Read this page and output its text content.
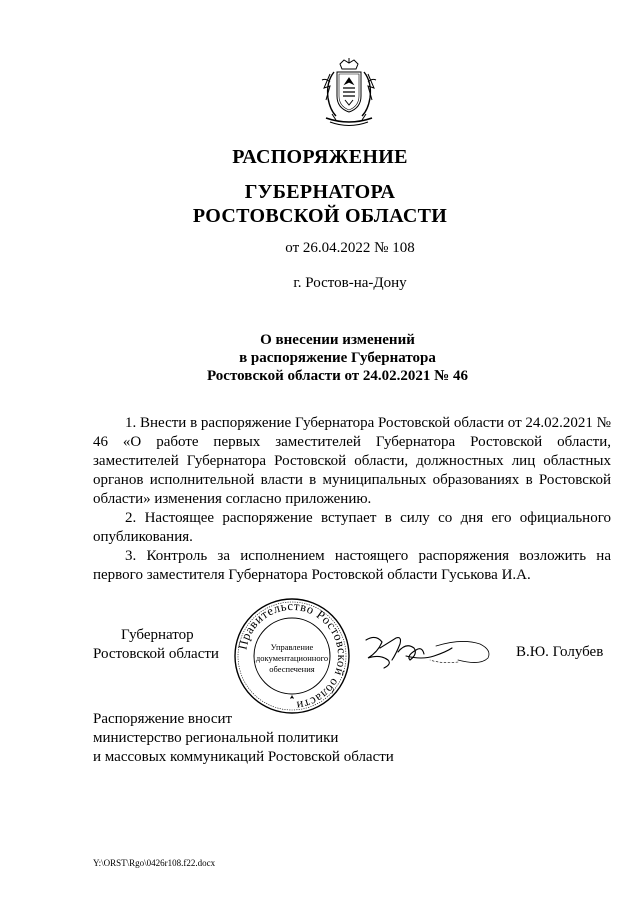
РАСПОРЯЖЕНИЕ
ГУБЕРНАТОРА
РОСТОВСКОЙ ОБЛАСТИ
от 26.04.2022 № 108
г. Ростов-на-Дону
О внесении изменений
в распоряжение Губернатора
Ростовской области от 24.02.2021 № 46

1. Внести в распоряжение Губернатора Ростовской области от 24.02.2021 № 46 «О работе первых заместителей Губернатора Ростовской области, заместителей Губернатора Ростовской области, должностных лиц областных органов исполнительной власти в муниципальных образованиях в Ростовской области» изменения согласно приложению.

2. Настоящее распоряжение вступает в силу со дня его официального опубликования.

3. Контроль за исполнением настоящего распоряжения возложить на первого заместителя Губернатора Ростовской области Гуськова И.А.

Губернатор
Ростовской области
Правительство Ростовской области
Управление
документационного
обеспечения
В.Ю. Голубев
Распоряжение вносит
министерство региональной политики
и массовых коммуникаций Ростовской области
Y:\ORST\Rgo\0426r108.f22.docx
